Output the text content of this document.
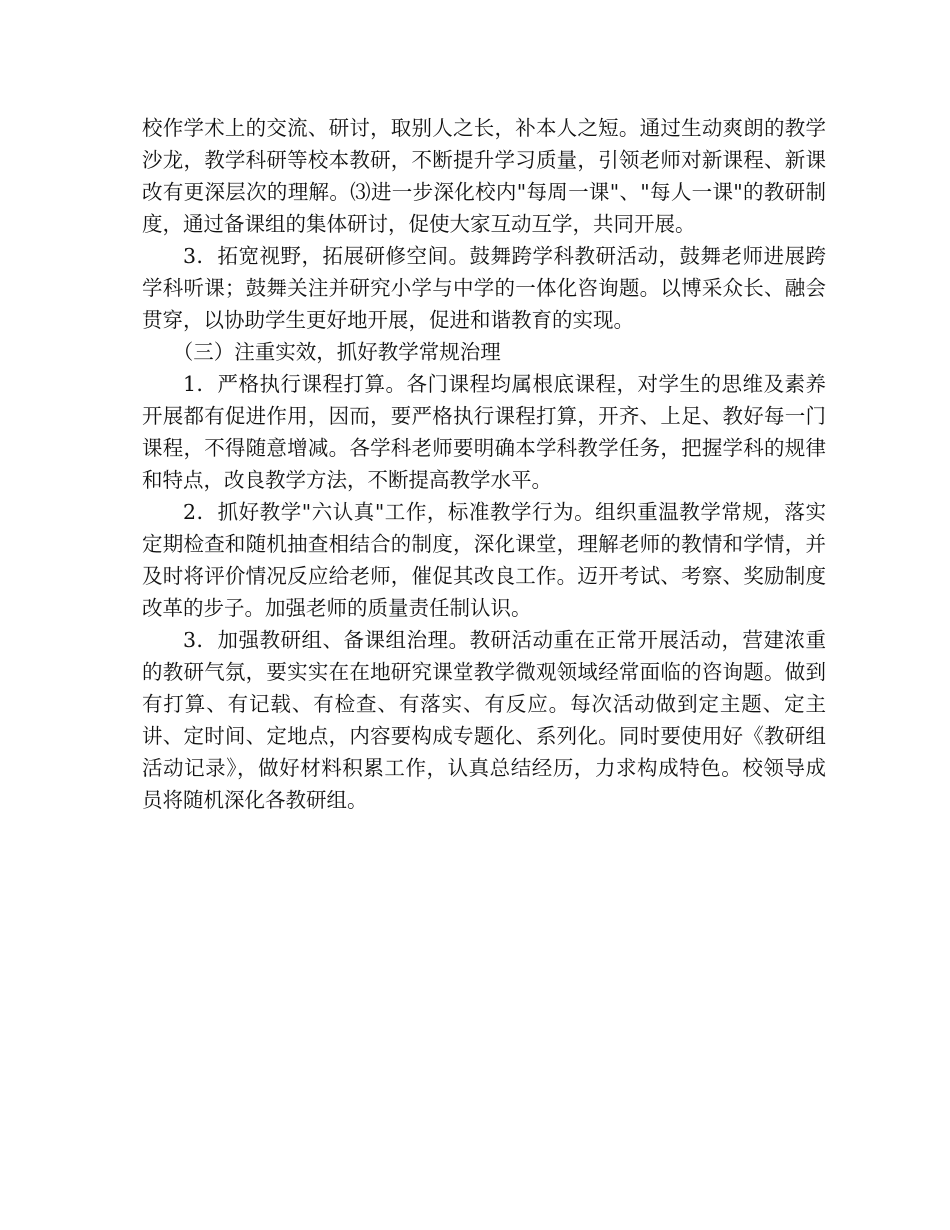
校作学术上的交流、研讨，取别人之长，补本人之短。通过生动爽朗的教学沙龙，教学科研等校本教研，不断提升学习质量，引领老师对新课程、新课改有更深层次的理解。⑶进一步深化校内"每周一课"、"每人一课"的教研制度，通过备课组的集体研讨，促使大家互动互学，共同开展。

3．拓宽视野，拓展研修空间。鼓舞跨学科教研活动，鼓舞老师进展跨学科听课；鼓舞关注并研究小学与中学的一体化咨询题。以博采众长、融会贯穿，以协助学生更好地开展，促进和谐教育的实现。

（三）注重实效，抓好教学常规治理

1．严格执行课程打算。各门课程均属根底课程，对学生的思维及素养开展都有促进作用，因而，要严格执行课程打算，开齐、上足、教好每一门课程，不得随意增减。各学科老师要明确本学科教学任务，把握学科的规律和特点，改良教学方法，不断提高教学水平。

2．抓好教学"六认真"工作，标准教学行为。组织重温教学常规，落实定期检查和随机抽查相结合的制度，深化课堂，理解老师的教情和学情，并及时将评价情况反应给老师，催促其改良工作。迈开考试、考察、奖励制度改革的步子。加强老师的质量责任制认识。

3．加强教研组、备课组治理。教研活动重在正常开展活动，营建浓重的教研气氛，要实实在在地研究课堂教学微观领域经常面临的咨询题。做到有打算、有记载、有检查、有落实、有反应。每次活动做到定主题、定主讲、定时间、定地点，内容要构成专题化、系列化。同时要使用好《教研组活动记录》，做好材料积累工作，认真总结经历，力求构成特色。校领导成员将随机深化各教研组。
